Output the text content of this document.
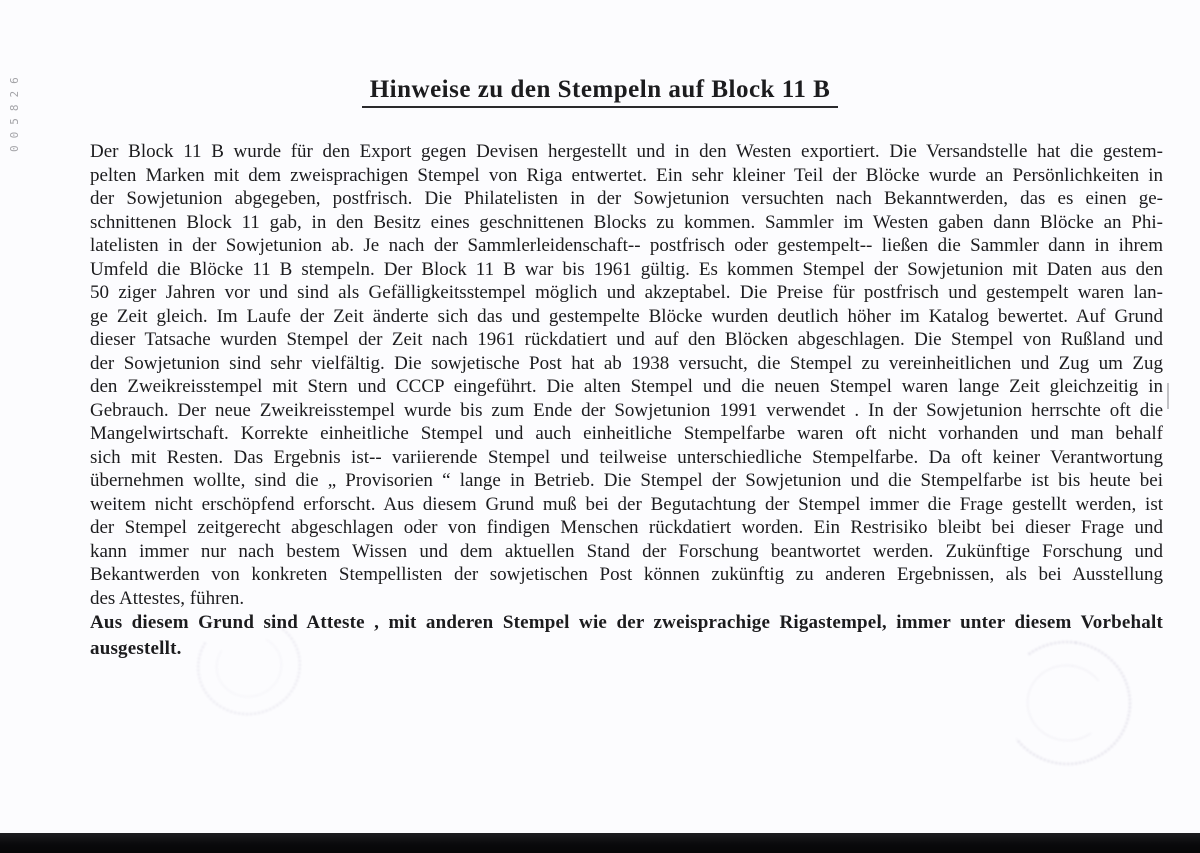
005826	Hinweise zu den Stempeln auf Block 11 B
Der Block 11 B wurde für den Export gegen Devisen hergestellt und in den Westen exportiert. Die Versandstelle hat die gestem-
pelten Marken mit dem zweisprachigen Stempel von Riga entwertet. Ein sehr kleiner Teil der Blöcke wurde an Persönlichkeiten in
der Sowjetunion abgegeben, postfrisch. Die Philatelisten in der Sowjetunion versuchten nach Bekanntwerden, das es einen ge-
schnittenen Block 11 gab, in den Besitz eines geschnittenen Blocks zu kommen. Sammler im Westen gaben dann Blöcke an Phi-
latelisten in der Sowjetunion ab. Je nach der Sammlerleidenschaft-- postfrisch oder gestempelt-- ließen die Sammler dann in ihrem
Umfeld die Blöcke 11 B stempeln. Der Block 11 B war bis 1961 gültig. Es kommen Stempel der Sowjetunion mit Daten aus den
50 ziger Jahren vor und sind als Gefälligkeitsstempel möglich und akzeptabel. Die Preise für postfrisch und gestempelt waren lan-
ge Zeit gleich. Im Laufe der Zeit änderte sich das und gestempelte Blöcke wurden deutlich höher im Katalog bewertet. Auf Grund
dieser Tatsache wurden Stempel der Zeit nach 1961 rückdatiert und auf den Blöcken abgeschlagen. Die Stempel von Rußland und
der Sowjetunion sind sehr vielfältig. Die sowjetische Post hat ab 1938 versucht, die Stempel zu vereinheitlichen und Zug um Zug
den Zweikreisstempel mit Stern und CCCP eingeführt. Die alten Stempel und die neuen Stempel waren lange Zeit gleichzeitig in
Gebrauch. Der neue Zweikreisstempel wurde bis zum Ende der Sowjetunion 1991 verwendet . In der Sowjetunion herrschte oft die
Mangelwirtschaft. Korrekte einheitliche Stempel und auch einheitliche Stempelfarbe waren oft nicht vorhanden und man behalf
sich mit Resten. Das Ergebnis ist-- variierende Stempel und teilweise unterschiedliche Stempelfarbe. Da oft keiner Verantwortung
übernehmen wollte, sind die „ Provisorien “ lange in Betrieb. Die Stempel der Sowjetunion und die Stempelfarbe ist bis heute bei
weitem nicht erschöpfend erforscht. Aus diesem Grund muß bei der Begutachtung der Stempel immer die Frage gestellt werden, ist
der Stempel zeitgerecht abgeschlagen oder von findigen Menschen rückdatiert worden. Ein Restrisiko bleibt bei dieser Frage und
kann immer nur nach bestem Wissen und dem aktuellen Stand der Forschung beantwortet werden. Zukünftige Forschung und
Bekantwerden von konkreten Stempellisten der sowjetischen Post können zukünftig zu anderen Ergebnissen, als bei Ausstellung
des Attestes, führen.
Aus diesem Grund sind Atteste , mit anderen Stempel wie der zweisprachige Rigastempel, immer unter diesem Vorbehalt
ausgestellt.
